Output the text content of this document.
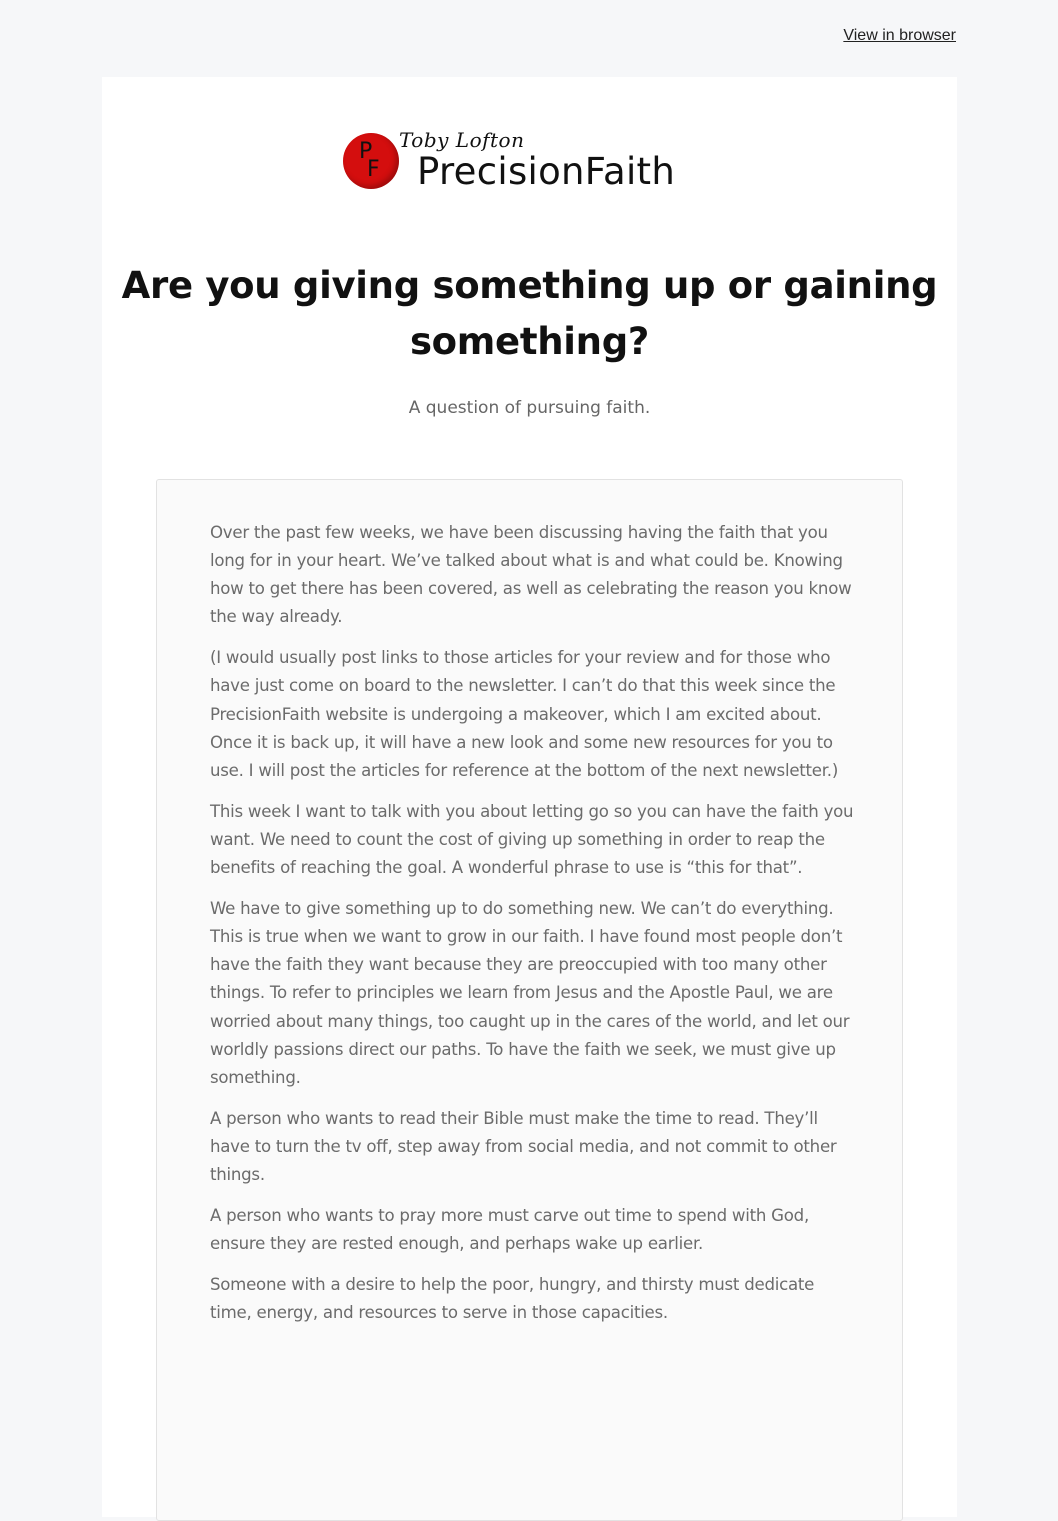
View in browser
P
F
Toby Lofton
PrecisionFaith
Are you giving something up or gaining something?

A question of pursuing faith.

Over the past few weeks, we have been discussing having the faith that you long for in your heart. We’ve talked about what is and what could be. Knowing how to get there has been covered, as well as celebrating the reason you know the way already.

(I would usually post links to those articles for your review and for those who have just come on board to the newsletter. I can’t do that this week since the PrecisionFaith website is undergoing a makeover, which I am excited about. Once it is back up, it will have a new look and some new resources for you to use. I will post the articles for reference at the bottom of the next newsletter.)

This week I want to talk with you about letting go so you can have the faith you want. We need to count the cost of giving up something in order to reap the benefits of reaching the goal. A wonderful phrase to use is “this for that”.

We have to give something up to do something new. We can’t do everything. This is true when we want to grow in our faith. I have found most people don’t have the faith they want because they are preoccupied with too many other things. To refer to principles we learn from Jesus and the Apostle Paul, we are worried about many things, too caught up in the cares of the world, and let our worldly passions direct our paths. To have the faith we seek, we must give up something.

A person who wants to read their Bible must make the time to read. They’ll have to turn the tv off, step away from social media, and not commit to other things.

A person who wants to pray more must carve out time to spend with God, ensure they are rested enough, and perhaps wake up earlier.

Someone with a desire to help the poor, hungry, and thirsty must dedicate time, energy, and resources to serve in those capacities.
